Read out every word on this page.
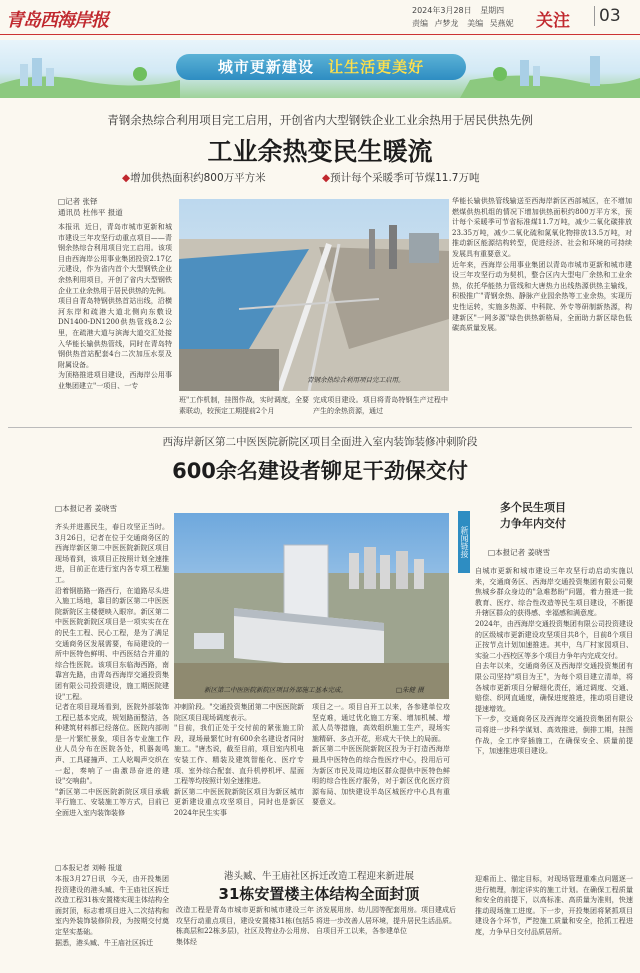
青岛西海岸报	2024年3月28日 星期四
责编 卢梦龙 美编 吴燕妮 关注 03
城市更新建设 让生活更美好
青钢余热综合利用项目完工启用，开创省内大型钢铁企业工业余热用于居民供热先例
工业余热变民生暖流
◆增加供热面积约800万平方米	◆预计每个采暖季可节煤11.7万吨
□记者 张铎
通讯员 杜伟平 报道
本报讯  近日，青岛市城市更新和城市建设三年攻坚行动重点项目——青钢余热综合利用项目完工启用。该项目由西海岸公用事业集团投资2.17亿元建设，作为省内首个大型钢铁企业余热利用项目，开创了省内大型钢铁企业工业余热用于居民供热的先例。
项目自青岛特钢供热首站出线，沿横河东岸和疏港大道北侧向东敷设DN1400-DN1200供热管线8.2公里，在疏港大道与滨海大道交汇处接入华能长输供热管线，同时在青岛特钢供热首站配套4台二次加压水泵及附属设备。
为顶格推进项目建设，西海岸公用事业集团建立"一项目、一专
青钢余热综合利用项目完工启用。
班"工作机制，挂图作战，实时调度，全要素联动，较预定工期提前2个月
完成项目建设。项目将青岛特钢生产过程中产生的余热资源，通过
华能长输供热管线输送至西海岸新区西部城区，在不增加燃煤供热机组的情况下增加供热面积约800万平方米，预计每个采暖季可节省标准煤11.7万吨，减少二氧化碳排放23.35万吨，减少二氧化硫和氮氧化物排放13.5万吨，对推动新区能源结构转型，促进经济、社会和环境的可持续发展具有重要意义。
近年来，西海岸公用事业集团以青岛市城市更新和城市建设三年攻坚行动为契机，整合区内大型电厂余热和工业余热，依托华能热力管线和大唐热力出线热源供热主输线，积极推广"青钢余热、静脉产业园余热等工业余热，实现历史性运转，实施多热源、中科院、外专等研制新热源，构建新区"一网多源"绿色供热新格局，全面助力新区绿色低碳高质量发展。
西海岸新区第二中医医院新院区项目全面进入室内装饰装修冲刺阶段
600余名建设者铆足干劲保交付
□本报记者 姜晓雪
齐头并进惠民生，春日攻坚正当时。3月26日，记者在位于交通商务区的西海岸新区第二中医医院新院区项目现场看到，该项目正按照计划全速推进，目前正在进行室内各专项工程施工。
沿着钢筋路一路西行，在道路尽头进入施工场地，靠目的新区第二中医医院新院区主楼便映入眼帘。新区第二中医医院新院区项目是一项实实在在的民生工程、民心工程，是为了满足交通商务区发展需要，布局建设的一所中医特色鲜明、中西医结合并重的综合性医院。该项目东临海西路，南靠宫先路，由青岛西海岸交通投资集团有限公司投资建设，施工期医院建设"工程。
记者在项目现场看到，医院外部装饰工程已基本完成，规划路面整洁，各种建筑材料都已经落位。医院内部则是一片繁忙景象，项目各专业施工作业人员分布在医院各处，机器轰鸣声、工具碰撞声、工人吆喝声交织在一起，奏响了一曲激昂奋进的建设"交响曲"。
"新区第二中医医院新院区项目承载平行施工、安装施工等方式，目前已全面进入室内装饰装修
新区第二中医医院新院区项目外部施工基本完成。	□朱健 摄
冲刺阶段。"交通投资集团第二中医医院新院区项目现场调度表示。
"目前，我们正处于交付前的紧张施工阶段，现场最繁忙时有600余名建设者同时施工。"唐杰说，截至目前，项目室内机电安装工作、精装及建筑智能化、医疗专项、室外综合配套、直升机停机坪、屋面工程等均按照计划全速推进。
新区第二中医医院新院区项目为新区城市更新建设重点攻坚项目，同时也是新区2024年民生实事
项目之一。项目自开工以来，各参建单位攻坚克难，通过优化施工方案、增加机械、增派人员等措施，高效组织施工生产，现场实施精研、多点开花，形成大干快上的局面。
新区第二中医医院新院区投为于打造西海岸最具中医特色的综合性医疗中心，投用后可为新区市民及周边地区群众提供中医特色鲜明的综合性医疗服务，对于新区优化医疗资源布局、加快建设半岛区城医疗中心具有重要意义。
新闻链接
多个民生项目
力争年内交付
□本报记者 姜晓雪
自城市更新和城市建设三年攻坚行动启动实施以来，交通商务区、西海岸交通投资集团有限公司聚焦城乡群众身边的"急难愁盼"问题，着力推进一批教育、医疗、综合性改造等民生项目建设，不断提升辖区群众的获得感、幸福感和满意度。
2024年，由西海岸交通投资集团有限公司投资建设的区级城市更新建设攻坚项目共8个，目前8个项目正按节点计划加速推进。其中，乌厂村家园项目、实验二小西校区等多个项目力争年内完成交付。
自去年以来，交通商务区及西海岸交通投资集团有限公司坚持"项目为王"，为每个项目建立清单，将各城市更新项目分解细化责任，通过调度、交通、赔偿、织网直通度，确保进度推进，推动项目建设提速增效。
下一步，交通商务区及西海岸交通投资集团有限公司将进一步科学谋划、高效推进，倒排工期，挂图作战，全工序穿插施工，在确保安全、质量前提下，加速推进项目建设。
港头臧、牛王庙社区拆迁改造工程迎来新进展
31栋安置楼主体结构全面封顶
□本报记者 刘畅 报道
本报3月27日讯  今天，由开投集团投资建设的港头臧、牛王庙社区拆迁改造工程31栋安置楼实现主体结构全面封顶，标志着项目进入二次结构和室内外装饰装修阶段，为按期交付奠定坚实基础。
据悉，港头臧、牛王庙社区拆迁
改造工程是青岛市城市更新和城市建设三年攻坚行动重点项目，建设安置楼31栋(包括5栋高层和22栋多层)，社区及物业办公用房、集体经
济发展用房、幼儿园等配套用房。项目建成后将进一步改善人居环境，提升居民生活品质。
自项目开工以来，各参建单位
迎难而上、锚定目标，对现场管理重难点问题逐一进行梳理，制定详实的施工计划。在确保工程质量和安全的前提下，以高标准、高质量为准则，快速推动现场施工进度。下一步，开投集团将紧抓项目建设各个环节，严控施工质量和安全，抢抓工程进度，力争早日交付品质居所。
